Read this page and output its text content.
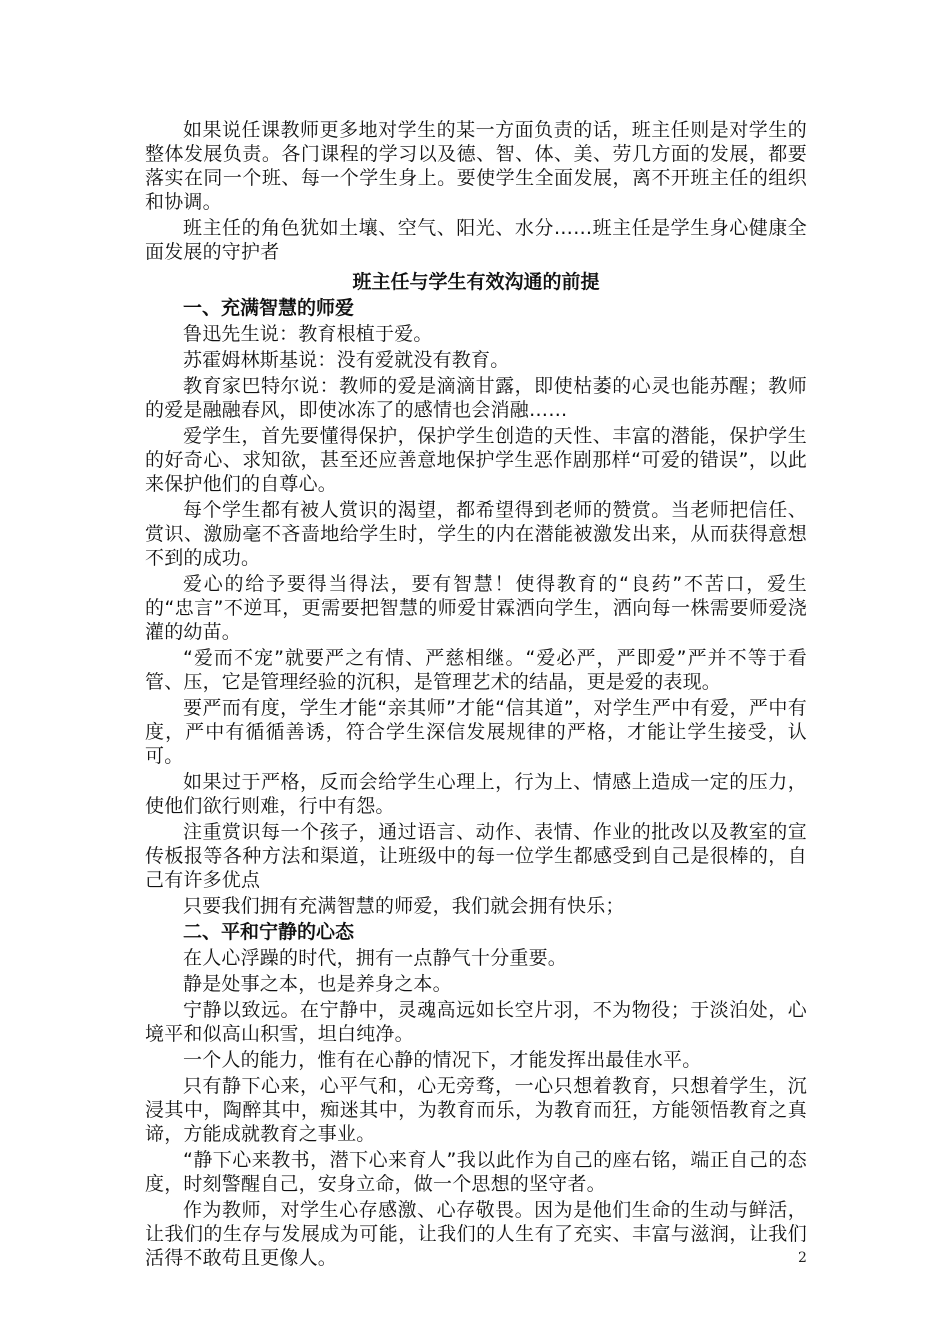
如果说任课教师更多地对学生的某一方面负责的话，班主任则是对学生的整体发展负责。各门课程的学习以及德、智、体、美、劳几方面的发展，都要落实在同一个班、每一个学生身上。要使学生全面发展，离不开班主任的组织和协调。

班主任的角色犹如土壤、空气、阳光、水分……班主任是学生身心健康全面发展的守护者

班主任与学生有效沟通的前提
一、充满智慧的师爱

鲁迅先生说：教育根植于爱。

苏霍姆林斯基说：没有爱就没有教育。

教育家巴特尔说：教师的爱是滴滴甘露，即使枯萎的心灵也能苏醒；教师的爱是融融春风，即使冰冻了的感情也会消融……

爱学生，首先要懂得保护，保护学生创造的天性、丰富的潜能，保护学生的好奇心、求知欲，甚至还应善意地保护学生恶作剧那样“可爱的错误”，以此来保护他们的自尊心。

每个学生都有被人赏识的渴望，都希望得到老师的赞赏。当老师把信任、赏识、激励毫不吝啬地给学生时，学生的内在潜能被激发出来，从而获得意想不到的成功。

爱心的给予要得当得法，要有智慧！使得教育的“良药”不苦口，爱生的“忠言”不逆耳，更需要把智慧的师爱甘霖洒向学生，洒向每一株需要师爱浇灌的幼苗。

“爱而不宠”就要严之有情、严慈相继。“爱必严，严即爱”严并不等于看管、压，它是管理经验的沉积，是管理艺术的结晶，更是爱的表现。

要严而有度，学生才能“亲其师”才能“信其道”，对学生严中有爱，严中有度，严中有循循善诱，符合学生深信发展规律的严格，才能让学生接受，认可。

如果过于严格，反而会给学生心理上，行为上、情感上造成一定的压力，使他们欲行则难，行中有怨。

注重赏识每一个孩子，通过语言、动作、表情、作业的批改以及教室的宣传板报等各种方法和渠道，让班级中的每一位学生都感受到自己是很棒的，自己有许多优点

只要我们拥有充满智慧的师爱，我们就会拥有快乐；

二、平和宁静的心态

在人心浮躁的时代，拥有一点静气十分重要。

静是处事之本，也是养身之本。

宁静以致远。在宁静中，灵魂高远如长空片羽，不为物役；于淡泊处，心境平和似高山积雪，坦白纯净。

一个人的能力，惟有在心静的情况下，才能发挥出最佳水平。

只有静下心来，心平气和，心无旁骛，一心只想着教育，只想着学生，沉浸其中，陶醉其中，痴迷其中，为教育而乐，为教育而狂，方能领悟教育之真谛，方能成就教育之事业。

“静下心来教书，潜下心来育人”我以此作为自己的座右铭，端正自己的态度，时刻警醒自己，安身立命，做一个思想的坚守者。

作为教师，对学生心存感激、心存敬畏。因为是他们生命的生动与鲜活，让我们的生存与发展成为可能，让我们的人生有了充实、丰富与滋润，让我们活得不敢苟且更像人。	2
